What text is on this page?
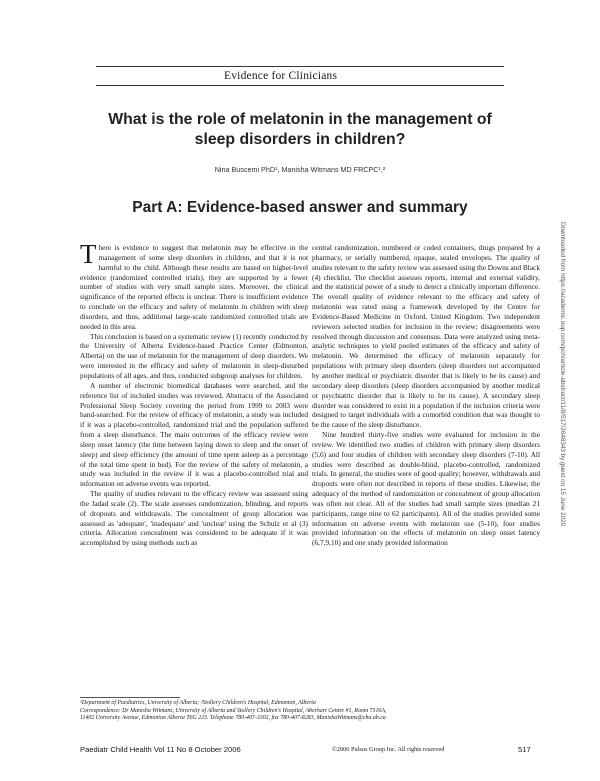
Evidence for Clinicians
What is the role of melatonin in the management of sleep disorders in children?
Nina Buscemi PhD¹, Manisha Witmans MD FRCPC¹,²
Part A: Evidence-based answer and summary

There is evidence to suggest that melatonin may be effective in the management of some sleep disorders in children, and that it is not harmful to the child. Although these results are based on higher-level evidence (randomized controlled trials), they are supported by a fewer number of studies with very small sample sizes. Moreover, the clinical significance of the reported effects is unclear. There is insufficient evidence to conclude on the efficacy and safety of melatonin in children with sleep disorders, and thus, additional large-scale randomized controlled trials are needed in this area.

This conclusion is based on a systematic review (1) recently conducted by the University of Alberta Evidence-based Practice Center (Edmonton, Alberta) on the use of melatonin for the management of sleep disorders. We were interested in the efficacy and safety of melatonin in sleep-disturbed populations of all ages, and thus, conducted subgroup analyses for children.

A number of electronic biomedical databases were searched, and the reference list of included studies was reviewed. Abstracts of the Associated Professional Sleep Society covering the period from 1999 to 2003 were hand-searched. For the review of efficacy of melatonin, a study was included if it was a placebo-controlled, randomized trial and the population suffered from a sleep disturbance. The main outcomes of the efficacy review were sleep onset latency (the time between laying down to sleep and the onset of sleep) and sleep efficiency (the amount of time spent asleep as a percentage of the total time spent in bed). For the review of the safety of melatonin, a study was included in the review if it was a placebo-controlled trial and information on adverse events was reported.

The quality of studies relevant to the efficacy review was assessed using the Jadad scale (2). The scale assesses randomization, blinding, and reports of dropouts and withdrawals. The concealment of group allocation was assessed as 'adequate', 'inadequate' and 'unclear' using the Schulz et al (3) criteria. Allocation concealment was considered to be adequate if it was accomplished by using methods such as

central randomization, numbered or coded containers, drugs prepared by a pharmacy, or serially numbered, opaque, sealed envelopes. The quality of studies relevant to the safety review was assessed using the Downs and Black (4) checklist. The checklist assesses reports, internal and external validity, and the statistical power of a study to detect a clinically important difference. The overall quality of evidence relevant to the efficacy and safety of melatonin was rated using a framework developed by the Centre for Evidence-Based Medicine in Oxford, United Kingdom. Two independent reviewers selected studies for inclusion in the review; disagreements were resolved through discussion and consensus. Data were analyzed using meta-analytic techniques to yield pooled estimates of the efficacy and safety of melatonin. We determined the efficacy of melatonin separately for populations with primary sleep disorders (sleep disorders not accompanied by another medical or psychiatric disorder that is likely to be its cause) and secondary sleep disorders (sleep disorders accompanied by another medical or psychiatric disorder that is likely to be its cause). A secondary sleep disorder was considered to exist in a population if the inclusion criteria were designed to target individuals with a comorbid condition that was thought to be the cause of the sleep disturbance.

Nine hundred thirty-five studies were evaluated for inclusion in the review. We identified two studies of children with primary sleep disorders (5,6) and four studies of children with secondary sleep disorders (7-10). All studies were described as double-blind, placebo-controlled, randomized trials. In general, the studies were of good quality; however, withdrawals and dropouts were often not described in reports of these studies. Likewise, the adequacy of the method of randomization or concealment of group allocation was often not clear. All of the studies had small sample sizes (median 21 participants, range nine to 62 participants). All of the studies provided some information on adverse events with melatonin use (5-10), four studies provided information on the effects of melatonin on sleep onset latency (6,7,9,10) and one study provided information

¹Department of Paediatrics, University of Alberta; ²Stollery Children's Hospital, Edmonton, Alberta
Correspondence: Dr Manisha Witmans, University of Alberta and Stollery Children's Hospital, Aberhart Centre #1, Room 7316A,
11402 University Avenue, Edmonton Alberta T6G 2J3. Telephone 780-407-3302, fax 780-407-8283, ManishaWitmans@cha.ab.ca
Paediatr Child Health Vol 11 No 8 October 2006	©2006 Pulsus Group Inc. All rights reserved	517
Downloaded from https://academic.oup.com/pch/article-abstract/11/8/517/2648343 by guest on 15 June 2020
